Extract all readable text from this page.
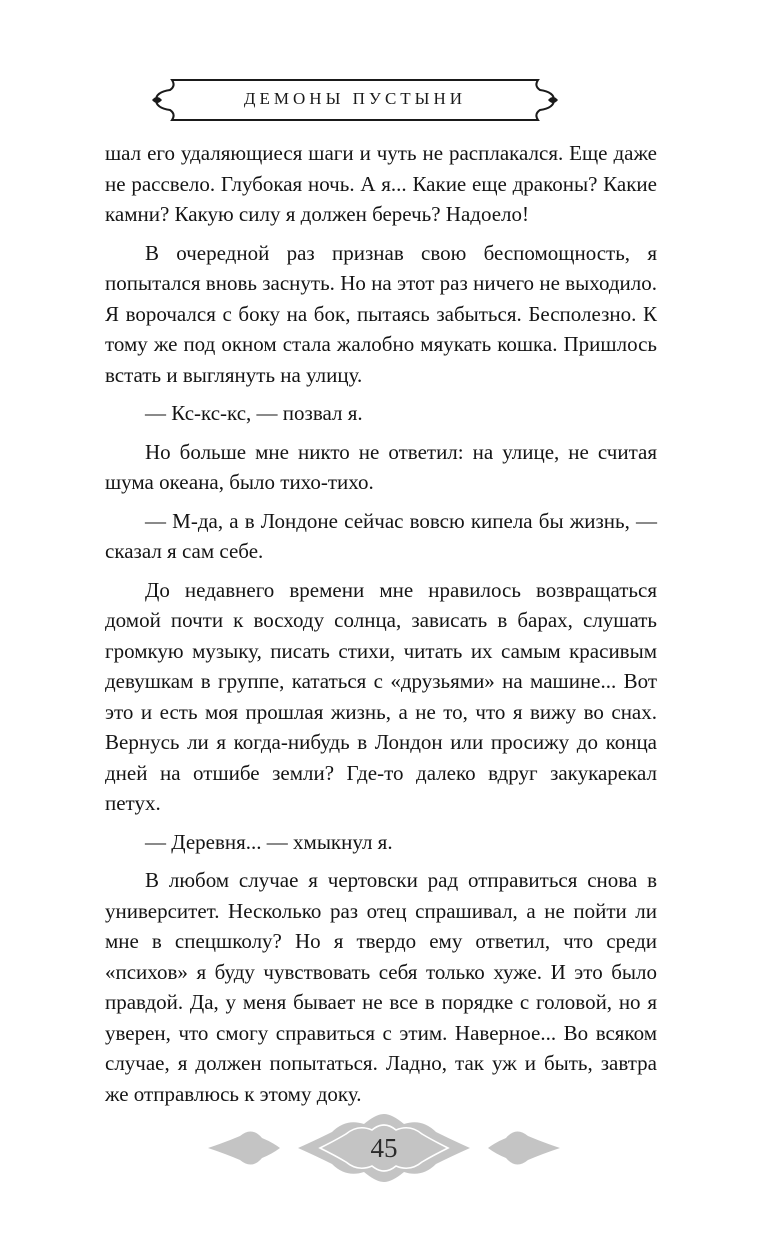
ДЕМОНЫ ПУСТЫНИ

шал его удаляющиеся шаги и чуть не расплакался. Еще даже не рассвело. Глубокая ночь. А я... Какие еще драконы? Какие камни? Какую силу я должен беречь? Надоело!

В очередной раз признав свою беспомощность, я попытался вновь заснуть. Но на этот раз ничего не выходило. Я ворочался с боку на бок, пытаясь забыться. Бесполезно. К тому же под окном стала жалобно мяукать кошка. Пришлось встать и выглянуть на улицу.

— Кс-кс-кс, — позвал я.

Но больше мне никто не ответил: на улице, не считая шума океана, было тихо-тихо.

— М-да, а в Лондоне сейчас вовсю кипела бы жизнь, — сказал я сам себе.

До недавнего времени мне нравилось возвращаться домой почти к восходу солнца, зависать в барах, слушать громкую музыку, писать стихи, читать их самым красивым девушкам в группе, кататься с «друзьями» на машине... Вот это и есть моя прошлая жизнь, а не то, что я вижу во снах. Вернусь ли я когда-нибудь в Лондон или просижу до конца дней на отшибе земли? Где-то далеко вдруг закукарекал петух.

— Деревня... — хмыкнул я.

В любом случае я чертовски рад отправиться снова в университет. Несколько раз отец спрашивал, а не пойти ли мне в спецшколу? Но я твердо ему ответил, что среди «психов» я буду чувствовать себя только хуже. И это было правдой. Да, у меня бывает не все в порядке с головой, но я уверен, что смогу справиться с этим. Наверное... Во всяком случае, я должен попытаться. Ладно, так уж и быть, завтра же отправлюсь к этому доку.

45
